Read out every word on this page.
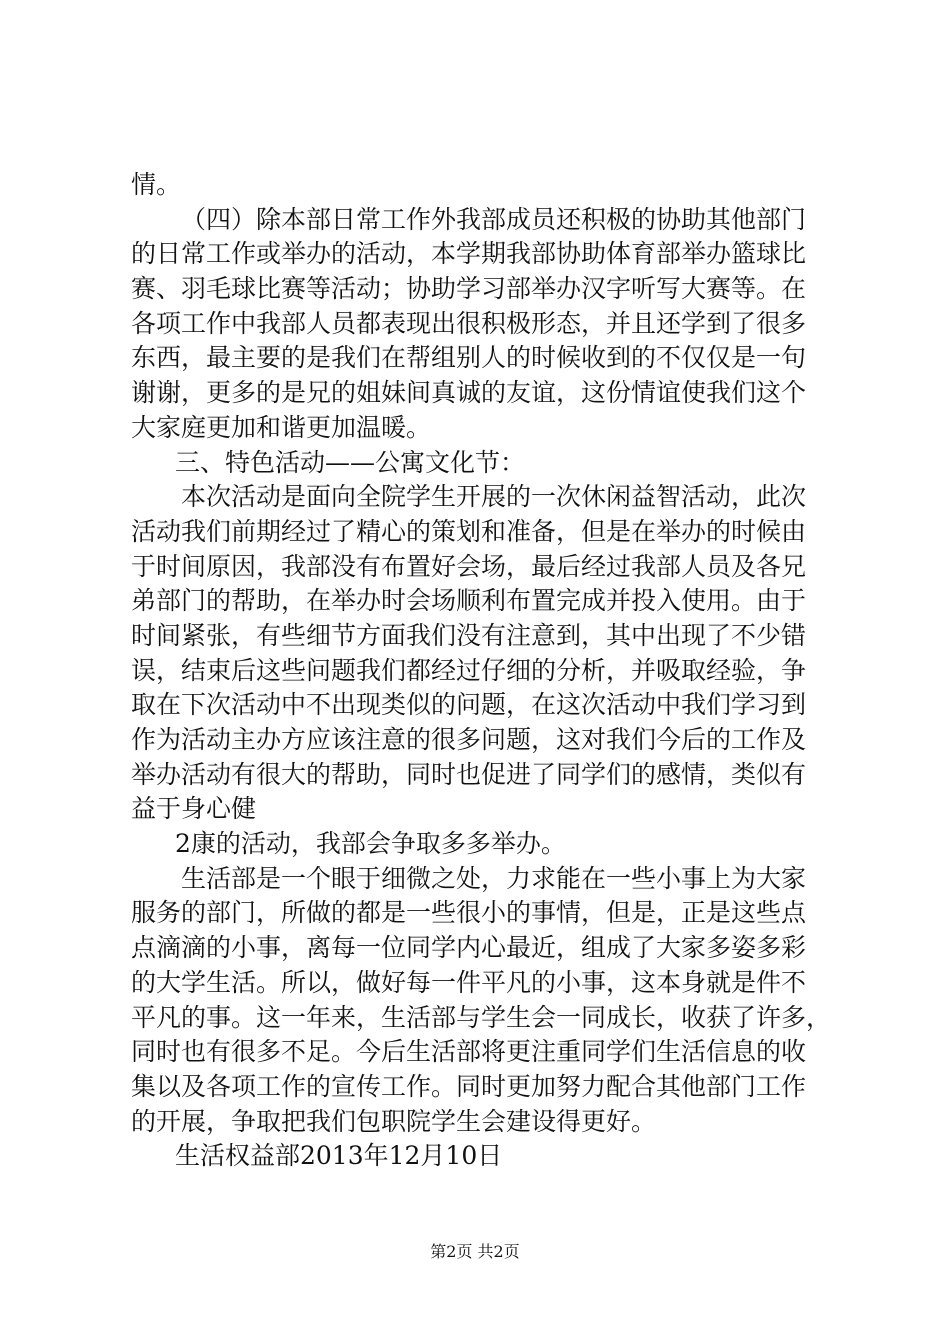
情。
（四）除本部日常工作外我部成员还积极的协助其他部门
的日常工作或举办的活动，本学期我部协助体育部举办篮球比
赛、羽毛球比赛等活动；协助学习部举办汉字听写大赛等。在
各项工作中我部人员都表现出很积极形态，并且还学到了很多
东西，最主要的是我们在帮组别人的时候收到的不仅仅是一句
谢谢，更多的是兄的姐妹间真诚的友谊，这份情谊使我们这个
大家庭更加和谐更加温暖。
三、特色活动——公寓文化节：
本次活动是面向全院学生开展的一次休闲益智活动，此次
活动我们前期经过了精心的策划和准备，但是在举办的时候由
于时间原因，我部没有布置好会场，最后经过我部人员及各兄
弟部门的帮助，在举办时会场顺利布置完成并投入使用。由于
时间紧张，有些细节方面我们没有注意到，其中出现了不少错
误，结束后这些问题我们都经过仔细的分析，并吸取经验，争
取在下次活动中不出现类似的问题，在这次活动中我们学习到
作为活动主办方应该注意的很多问题，这对我们今后的工作及
举办活动有很大的帮助，同时也促进了同学们的感情，类似有
益于身心健
2康的活动，我部会争取多多举办。
生活部是一个眼于细微之处，力求能在一些小事上为大家
服务的部门，所做的都是一些很小的事情，但是，正是这些点
点滴滴的小事，离每一位同学内心最近，组成了大家多姿多彩
的大学生活。所以，做好每一件平凡的小事，这本身就是件不
平凡的事。这一年来，生活部与学生会一同成长，收获了许多，
同时也有很多不足。今后生活部将更注重同学们生活信息的收
集以及各项工作的宣传工作。同时更加努力配合其他部门工作
的开展，争取把我们包职院学生会建设得更好。
生活权益部2013年12月10日
第2页 共2页
